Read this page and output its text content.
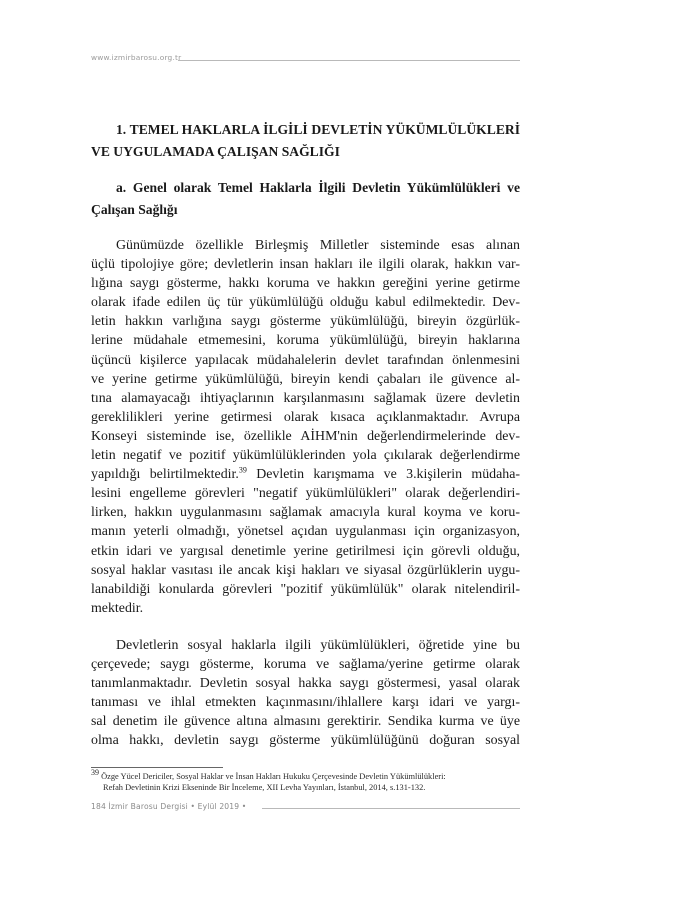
www.izmirbarosu.org.tr

1. TEMEL HAKLARLA İLGİLİ DEVLETİN YÜKÜMLÜLÜKLERİ VE UYGULAMADA ÇALIŞAN SAĞLIĞI

a. Genel olarak Temel Haklarla İlgili Devletin Yükümlülükleri ve Çalışan Sağlığı

Günümüzde özellikle Birleşmiş Milletler sisteminde esas alınan
üçlü tipolojiye göre; devletlerin insan hakları ile ilgili olarak, hakkın var-
lığına saygı gösterme, hakkı koruma ve hakkın gereğini yerine getirme
olarak ifade edilen üç tür yükümlülüğü olduğu kabul edilmektedir. Dev-
letin hakkın varlığına saygı gösterme yükümlülüğü, bireyin özgürlük-
lerine müdahale etmemesini, koruma yükümlülüğü, bireyin haklarına
üçüncü kişilerce yapılacak müdahalelerin devlet tarafından önlenmesini
ve yerine getirme yükümlülüğü, bireyin kendi çabaları ile güvence al-
tına alamayacağı ihtiyaçlarının karşılanmasını sağlamak üzere devletin
gereklilikleri yerine getirmesi olarak kısaca açıklanmaktadır. Avrupa
Konseyi sisteminde ise, özellikle AİHM'nin değerlendirmelerinde dev-
letin negatif ve pozitif yükümlülüklerinden yola çıkılarak değerlendirme
yapıldığı belirtilmektedir.$^{39}$ Devletin karışmama ve 3.kişilerin müdaha-
lesini engelleme görevleri "negatif yükümlülükleri" olarak değerlendiri-
lirken, hakkın uygulanmasını sağlamak amacıyla kural koyma ve koru-
manın yeterli olmadığı, yönetsel açıdan uygulanması için organizasyon,
etkin idari ve yargısal denetimle yerine getirilmesi için görevli olduğu,
sosyal haklar vasıtası ile ancak kişi hakları ve siyasal özgürlüklerin uygu-
lanabildiği konularda görevleri "pozitif yükümlülük" olarak nitelendiril-
mektedir.
Devletlerin sosyal haklarla ilgili yükümlülükleri, öğretide yine bu
çerçevede; saygı gösterme, koruma ve sağlama/yerine getirme olarak
tanımlanmaktadır. Devletin sosyal hakka saygı göstermesi, yasal olarak
tanıması ve ihlal etmekten kaçınmasını/ihlallere karşı idari ve yargı-
sal denetim ile güvence altına almasını gerektirir. Sendika kurma ve üye
olma hakkı, devletin saygı gösterme yükümlülüğünü doğuran sosyal
39 Özge Yücel Dericiler, Sosyal Haklar ve İnsan Hakları Hukuku Çerçevesinde Devletin Yükümlülükleri:
Refah Devletinin Krizi Ekseninde Bir İnceleme, XII Levha Yayınları, İstanbul, 2014, s.131-132.
184 İzmir Barosu Dergisi • Eylül 2019 •
